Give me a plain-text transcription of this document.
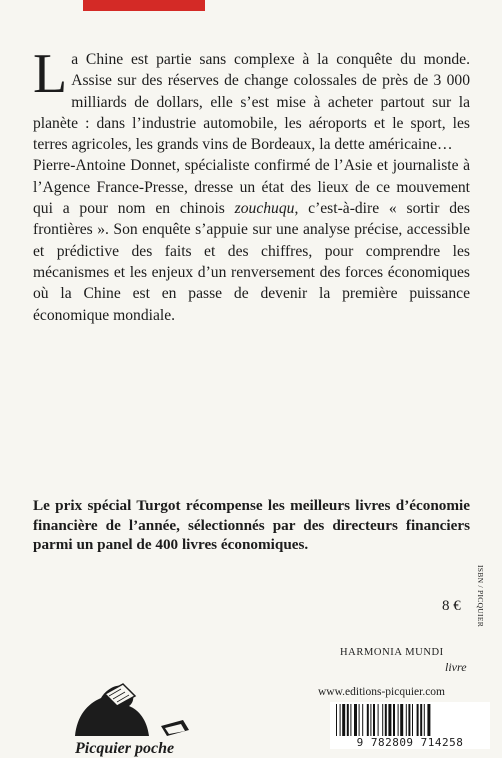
La Chine est partie sans complexe à la conquête du monde. Assise sur des réserves de change colossales de près de 3 000 milliards de dollars, elle s’est mise à acheter partout sur la planète : dans l’industrie automobile, les aéroports et le sport, les terres agricoles, les grands vins de Bordeaux, la dette américaine…

Pierre-Antoine Donnet, spécialiste confirmé de l’Asie et journaliste à l’Agence France-Presse, dresse un état des lieux de ce mouvement qui a pour nom en chinois zouchuqu, c’est-à-dire « sortir des frontières ». Son enquête s’appuie sur une analyse précise, accessible et prédictive des faits et des chiffres, pour comprendre les mécanismes et les enjeux d’un renversement des forces économiques où la Chine est en passe de devenir la première puissance économique mondiale.

Le prix spécial Turgot récompense les meilleurs livres d’économie financière de l’année, sélectionnés par des directeurs financiers parmi un panel de 400 livres économiques.
8 € ISBN / PICQUIER
HARMONIA MUNDI
livre
www.editions-picquier.com
Picquier poche	9 782809 714258
